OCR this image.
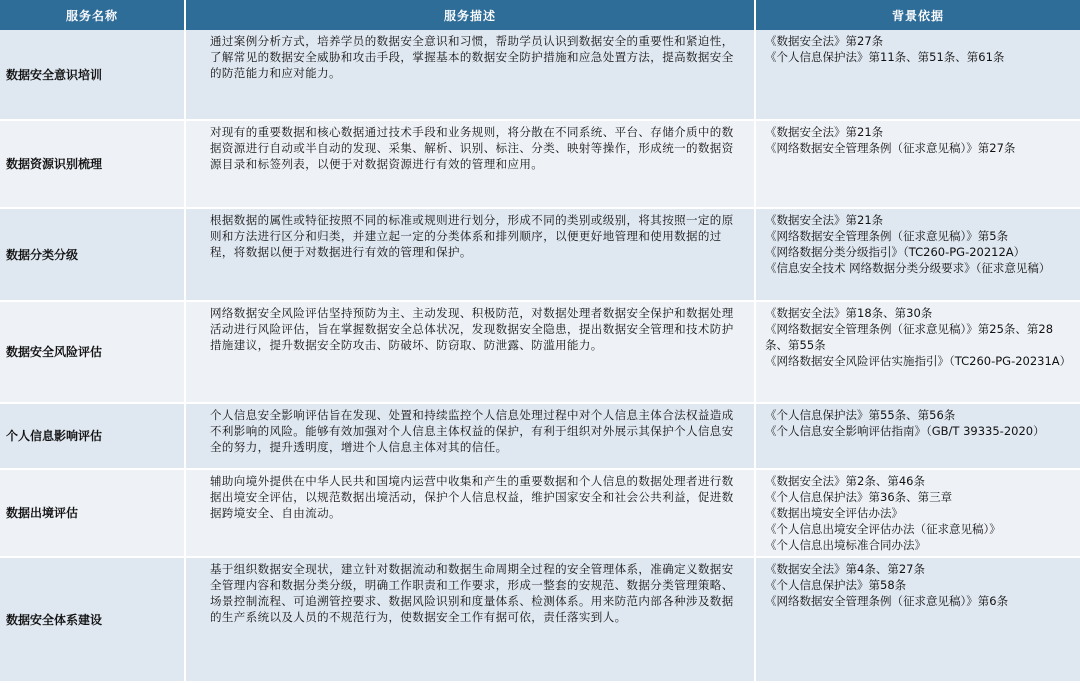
服务名称	服务描述	背景依据
数据安全意识培训	通过案例分析方式，培养学员的数据安全意识和习惯，帮助学员认识到数据安全的重要性和紧迫性，了解常见的数据安全威胁和攻击手段，掌握基本的数据安全防护措施和应急处置方法，提高数据安全的防范能力和应对能力。	《数据安全法》第27条
《个人信息保护法》第11条、第51条、第61条

数据资源识别梳理	对现有的重要数据和核心数据通过技术手段和业务规则，将分散在不同系统、平台、存储介质中的数据资源进行自动或半自动的发现、采集、解析、识别、标注、分类、映射等操作，形成统一的数据资源目录和标签列表，以便于对数据资源进行有效的管理和应用。	《数据安全法》第21条
《网络数据安全管理条例（征求意见稿）》第27条

数据分类分级	根据数据的属性或特征按照不同的标准或规则进行划分，形成不同的类别或级别，将其按照一定的原则和方法进行区分和归类，并建立起一定的分类体系和排列顺序，以便更好地管理和使用数据的过程，将数据以便于对数据进行有效的管理和保护。	《数据安全法》第21条
《网络数据安全管理条例（征求意见稿）》第5条
《网络数据分类分级指引》（TC260-PG-20212A）
《信息安全技术 网络数据分类分级要求》（征求意见稿）

数据安全风险评估	网络数据安全风险评估坚持预防为主、主动发现、积极防范，对数据处理者数据安全保护和数据处理活动进行风险评估，旨在掌握数据安全总体状况，发现数据安全隐患，提出数据安全管理和技术防护措施建议，提升数据安全防攻击、防破坏、防窃取、防泄露、防滥用能力。	《数据安全法》第18条、第30条
《网络数据安全管理条例（征求意见稿）》第25条、第28条、第55条
《网络数据安全风险评估实施指引》（TC260-PG-20231A）

个人信息影响评估	个人信息安全影响评估旨在发现、处置和持续监控个人信息处理过程中对个人信息主体合法权益造成不利影响的风险。能够有效加强对个人信息主体权益的保护，有利于组织对外展示其保护个人信息安全的努力，提升透明度，增进个人信息主体对其的信任。	《个人信息保护法》第55条、第56条
《个人信息安全影响评估指南》（GB/T 39335-2020）

数据出境评估	辅助向境外提供在中华人民共和国境内运营中收集和产生的重要数据和个人信息的数据处理者进行数据出境安全评估，以规范数据出境活动，保护个人信息权益，维护国家安全和社会公共利益，促进数据跨境安全、自由流动。	《数据安全法》第2条、第46条
《个人信息保护法》第36条、第三章
《数据出境安全评估办法》
《个人信息出境安全评估办法（征求意见稿）》
《个人信息出境标准合同办法》

数据安全体系建设	基于组织数据安全现状，建立针对数据流动和数据生命周期全过程的安全管理体系，准确定义数据安全管理内容和数据分类分级，明确工作职责和工作要求，形成一整套的安规范、数据分类管理策略、场景控制流程、可追溯管控要求、数据风险识别和度量体系、检测体系。用来防范内部各种涉及数据的生产系统以及人员的不规范行为，使数据安全工作有据可依，责任落实到人。	《数据安全法》第4条、第27条
《个人信息保护法》第58条
《网络数据安全管理条例（征求意见稿）》第6条
